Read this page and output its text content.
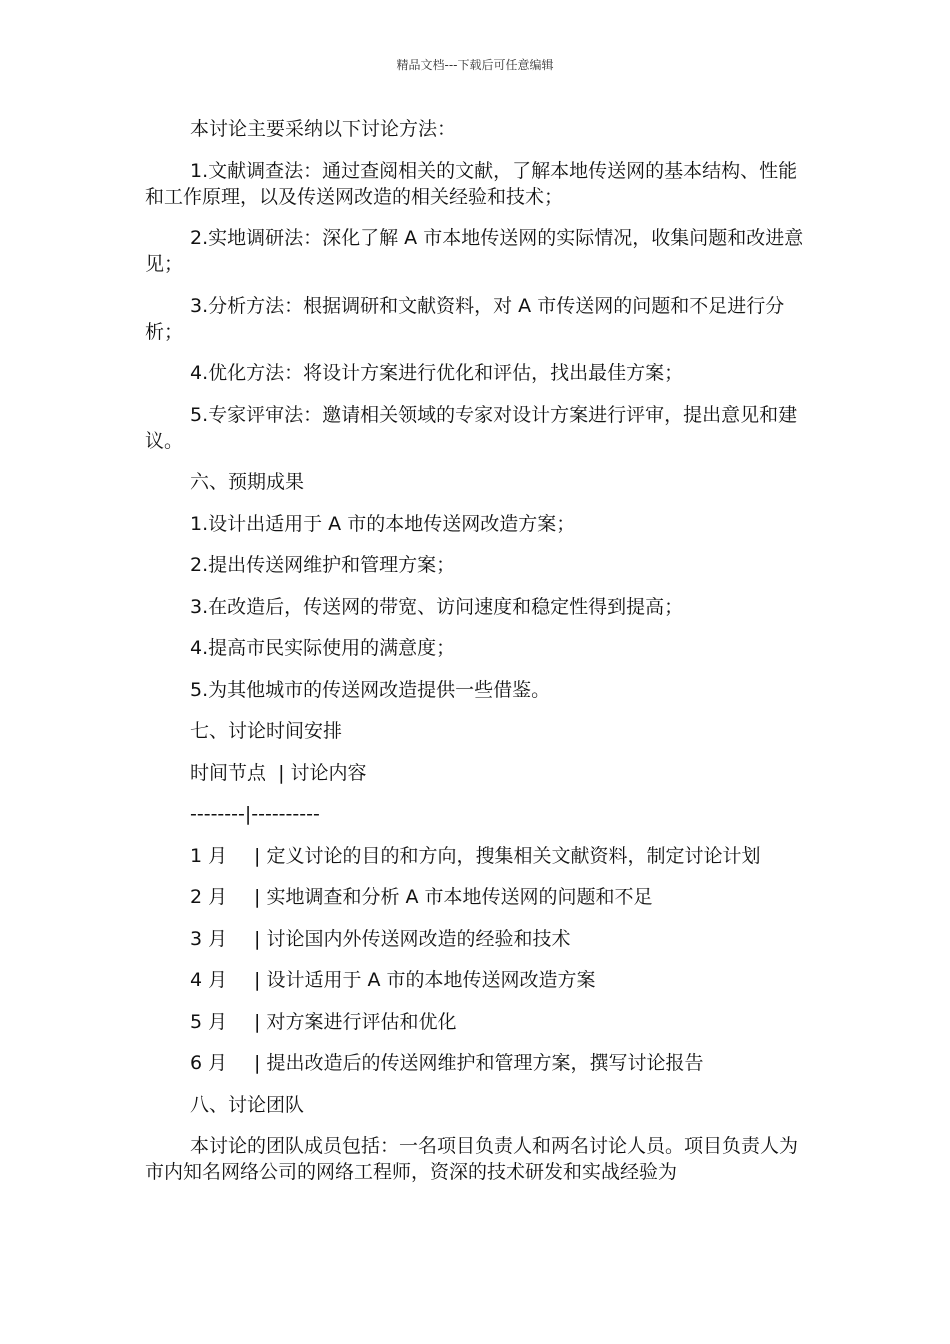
精品文档---下载后可任意编辑

本讨论主要采纳以下讨论方法：

1.文献调查法：通过查阅相关的文献，了解本地传送网的基本结构、性能和工作原理，以及传送网改造的相关经验和技术；

2.实地调研法：深化了解 A 市本地传送网的实际情况，收集问题和改进意见；

3.分析方法：根据调研和文献资料，对 A 市传送网的问题和不足进行分析；

4.优化方法：将设计方案进行优化和评估，找出最佳方案；

5.专家评审法：邀请相关领域的专家对设计方案进行评审，提出意见和建议。

六、预期成果

1.设计出适用于 A 市的本地传送网改造方案；

2.提出传送网维护和管理方案；

3.在改造后，传送网的带宽、访问速度和稳定性得到提高；

4.提高市民实际使用的满意度；

5.为其他城市的传送网改造提供一些借鉴。

七、讨论时间安排

时间节点  | 讨论内容
--------|----------
1 月 | 定义讨论的目的和方向，搜集相关文献资料，制定讨论计划
2 月 | 实地调查和分析 A 市本地传送网的问题和不足
3 月 | 讨论国内外传送网改造的经验和技术
4 月 | 设计适用于 A 市的本地传送网改造方案
5 月 | 对方案进行评估和优化
6 月 | 提出改造后的传送网维护和管理方案，撰写讨论报告

八、讨论团队

本讨论的团队成员包括：一名项目负责人和两名讨论人员。项目负责人为市内知名网络公司的网络工程师，资深的技术研发和实战经验为
